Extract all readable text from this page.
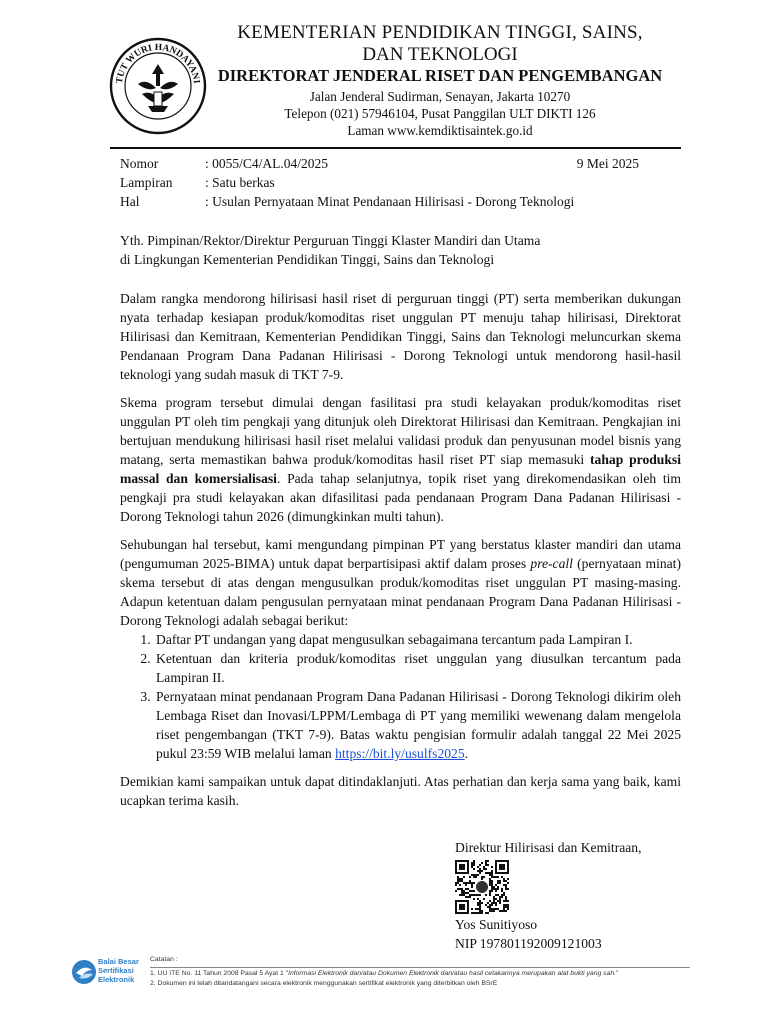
TUT WURI HANDAYANI
KEMENTERIAN PENDIDIKAN TINGGI, SAINS,
DAN TEKNOLOGI
DIREKTORAT JENDERAL RISET DAN PENGEMBANGAN
Jalan Jenderal Sudirman, Senayan, Jakarta 10270
Telepon (021) 57946104, Pusat Panggilan ULT DIKTI 126
Laman www.kemdiktisaintek.go.id
Nomor	: 0055/C4/AL.04/2025	9 Mei 2025
Lampiran : Satu berkas
Hal	: Usulan Pernyataan Minat Pendanaan Hilirisasi - Dorong Teknologi
Yth. Pimpinan/Rektor/Direktur Perguruan Tinggi Klaster Mandiri dan Utama
di Lingkungan Kementerian Pendidikan Tinggi, Sains dan Teknologi

Dalam rangka mendorong hilirisasi hasil riset di perguruan tinggi (PT) serta memberikan dukungan nyata terhadap kesiapan produk/komoditas riset unggulan PT menuju tahap hilirisasi, Direktorat Hilirisasi dan Kemitraan, Kementerian Pendidikan Tinggi, Sains dan Teknologi meluncurkan skema Pendanaan Program Dana Padanan Hilirisasi - Dorong Teknologi untuk mendorong hasil-hasil teknologi yang sudah masuk di TKT 7-9.

Skema program tersebut dimulai dengan fasilitasi pra studi kelayakan produk/komoditas riset unggulan PT oleh tim pengkaji yang ditunjuk oleh Direktorat Hilirisasi dan Kemitraan. Pengkajian ini bertujuan mendukung hilirisasi hasil riset melalui validasi produk dan penyusunan model bisnis yang matang, serta memastikan bahwa produk/komoditas hasil riset PT siap memasuki tahap produksi massal dan komersialisasi. Pada tahap selanjutnya, topik riset yang direkomendasikan oleh tim pengkaji pra studi kelayakan akan difasilitasi pada pendanaan Program Dana Padanan Hilirisasi - Dorong Teknologi tahun 2026 (dimungkinkan multi tahun).

Sehubungan hal tersebut, kami mengundang pimpinan PT yang berstatus klaster mandiri dan utama (pengumuman 2025-BIMA) untuk dapat berpartisipasi aktif dalam proses pre-call (pernyataan minat) skema tersebut di atas dengan mengusulkan produk/komoditas riset unggulan PT masing-masing. Adapun ketentuan dalam pengusulan pernyataan minat pendanaan Program Dana Padanan Hilirisasi - Dorong Teknologi adalah sebagai berikut:

1. Daftar PT undangan yang dapat mengusulkan sebagaimana tercantum pada Lampiran I.
2. Ketentuan dan kriteria produk/komoditas riset unggulan yang diusulkan tercantum pada Lampiran II.
3. Pernyataan minat pendanaan Program Dana Padanan Hilirisasi - Dorong Teknologi dikirim oleh Lembaga Riset dan Inovasi/LPPM/Lembaga di PT yang memiliki wewenang dalam mengelola riset pengembangan (TKT 7-9). Batas waktu pengisian formulir adalah tanggal 22 Mei 2025 pukul 23:59 WIB melalui laman https://bit.ly/usulfs2025.

Demikian kami sampaikan untuk dapat ditindaklanjuti. Atas perhatian dan kerja sama yang baik, kami ucapkan terima kasih.

Direktur Hilirisasi dan Kemitraan,
Yos Sunitiyoso
NIP 197801192009121003
Balai Besar
Sertifikasi
Elektronik
Catatan :
1. UU ITE No. 11 Tahun 2008 Pasal 5 Ayat 1 "Informasi Elektronik dan/atau Dokumen Elektronik dan/atau hasil cetakannya merupakan alat bukti yang sah."
2. Dokumen ini telah ditandatangani secara elektronik menggunakan sertifikat elektronik yang diterbitkan oleh BSrE
